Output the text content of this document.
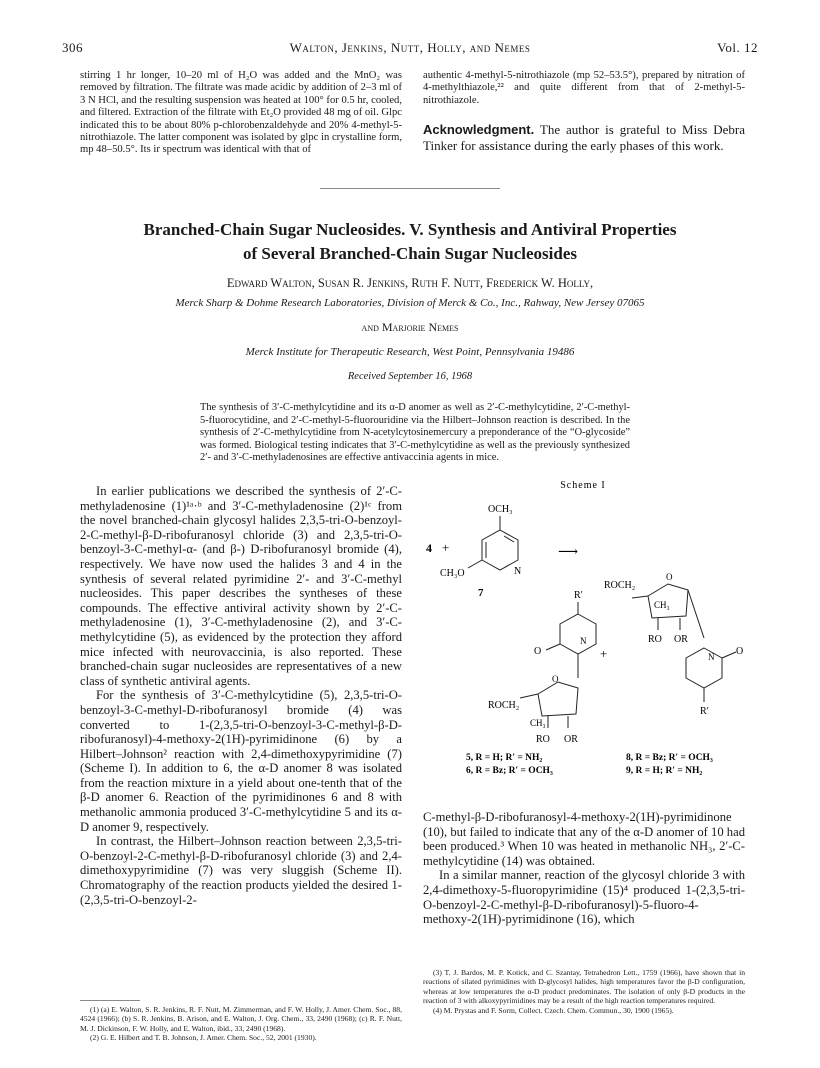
306	Walton, Jenkins, Nutt, Holly, and Nemes	Vol. 12
stirring 1 hr longer, 10–20 ml of H₂O was added and the MnO₂ was removed by filtration. The filtrate was made acidic by addition of 2–3 ml of 3 N HCl, and the resulting suspension was heated at 100° for 0.5 hr, cooled, and filtered. Extraction of the filtrate with Et₂O provided 48 mg of oil. Glpc indicated this to be about 80% p-chlorobenzaldehyde and 20% 4-methyl-5-nitrothiazole. The latter component was isolated by glpc in crystalline form, mp 48–50.5°. Its ir spectrum was identical with that of
authentic 4-methyl-5-nitrothiazole (mp 52–53.5°), prepared by nitration of 4-methylthiazole,²² and quite different from that of 2-methyl-5-nitrothiazole.
Acknowledgment. The author is grateful to Miss Debra Tinker for assistance during the early phases of this work.
Branched-Chain Sugar Nucleosides. V. Synthesis and Antiviral Properties
of Several Branched-Chain Sugar Nucleosides
Edward Walton, Susan R. Jenkins, Ruth F. Nutt, Frederick W. Holly,
Merck Sharp & Dohme Research Laboratories, Division of Merck & Co., Inc., Rahway, New Jersey 07065
and Marjorie Nemes
Merck Institute for Therapeutic Research, West Point, Pennsylvania 19486
Received September 16, 1968
The synthesis of 3′-C-methylcytidine and its α-D anomer as well as 2′-C-methylcytidine, 2′-C-methyl-5-fluorocytidine, and 2′-C-methyl-5-fluorouridine via the Hilbert–Johnson reaction is described. In the synthesis of 2′-C-methylcytidine from N-acetylcytosinemercury a preponderance of the “O-glycoside” was formed. Biological testing indicates that 3′-C-methylcytidine as well as the previously synthesized 2′- and 3′-C-methyladenosines are effective antivaccinia agents in mice.

In earlier publications we described the synthesis of 2′-C-methyladenosine (1)¹ᵃ·ᵇ and 3′-C-methyladenosine (2)¹ᶜ from the novel branched-chain glycosyl halides 2,3,5-tri-O-benzoyl-2-C-methyl-β-D-ribofuranosyl chloride (3) and 2,3,5-tri-O-benzoyl-3-C-methyl-α- (and β-) D-ribofuranosyl bromide (4), respectively. We have now used the halides 3 and 4 in the synthesis of several related pyrimidine 2′- and 3′-C-methyl nucleosides. This paper describes the syntheses of these compounds. The effective antiviral activity shown by 2′-C-methyladenosine (1), 3′-C-methyladenosine (2), and 3′-C-methylcytidine (5), as evidenced by the protection they afford mice infected with neurovaccinia, is also reported. These branched-chain sugar nucleosides are representatives of a new class of synthetic antiviral agents.

For the synthesis of 3′-C-methylcytidine (5), 2,3,5-tri-O-benzoyl-3-C-methyl-D-ribofuranosyl bromide (4) was converted to 1-(2,3,5-tri-O-benzoyl-3-C-methyl-β-D-ribofuranosyl)-4-methoxy-2(1H)-pyrimidinone (6) by a Hilbert–Johnson² reaction with 2,4-dimethoxypyrimidine (7) (Scheme I). In addition to 6, the α-D anomer 8 was isolated from the reaction mixture in a yield about one-tenth that of the β-D anomer 6. Reaction of the pyrimidinones 6 and 8 with methanolic ammonia produced 3′-C-methylcytidine 5 and its α-D anomer 9, respectively.

In contrast, the Hilbert–Johnson reaction between 2,3,5-tri-O-benzoyl-2-C-methyl-β-D-ribofuranosyl chloride (3) and 2,4-dimethoxypyrimidine (7) was very sluggish (Scheme II). Chromatography of the reaction products yielded the desired 1-(2,3,5-tri-O-benzoyl-2-

(1) (a) E. Walton, S. R. Jenkins, R. F. Nutt, M. Zimmerman, and F. W. Holly, J. Amer. Chem. Soc., 88, 4524 (1966); (b) S. R. Jenkins, B. Arison, and E. Walton, J. Org. Chem., 33, 2490 (1968); (c) R. F. Nutt, M. J. Dickinson, F. W. Holly, and E. Walton, ibid., 33, 2490 (1968).

(2) G. E. Hilbert and T. B. Johnson, J. Amer. Chem. Soc., 52, 2001 (1930).

Scheme I
4 +
OCH₃
CH₃O	N
7
⟶
R′
N
O
ROCH₂
O
CH₃
RO OR
5, R = H; R′ = NH₂
6, R = Bz; R′ = OCH₃
+
ROCH₂
O
CH₃
RO OR
N O
R′
8, R = Bz; R′ = OCH₃
9, R = H; R′ = NH₂

C-methyl-β-D-ribofuranosyl-4-methoxy-2(1H)-pyrimidinone (10), but failed to indicate that any of the α-D anomer of 10 had been produced.³ When 10 was heated in methanolic NH₃, 2′-C-methylcytidine (14) was obtained.

In a similar manner, reaction of the glycosyl chloride 3 with 2,4-dimethoxy-5-fluoropyrimidine (15)⁴ produced 1-(2,3,5-tri-O-benzoyl-2-C-methyl-β-D-ribofuranosyl)-5-fluoro-4-methoxy-2(1H)-pyrimidinone (16), which

(3) T. J. Bardos, M. P. Kotick, and C. Szantay, Tetrahedron Lett., 1759 (1966), have shown that in reactions of silated pyrimidines with D-glycosyl halides, high temperatures favor the β-D configuration, whereas at low temperatures the α-D product predominates. The isolation of only β-D products in the reaction of 3 with alkoxypyrimidines may be a result of the high reaction temperatures required.

(4) M. Prystas and F. Sorm, Collect. Czech. Chem. Commun., 30, 1900 (1965).
